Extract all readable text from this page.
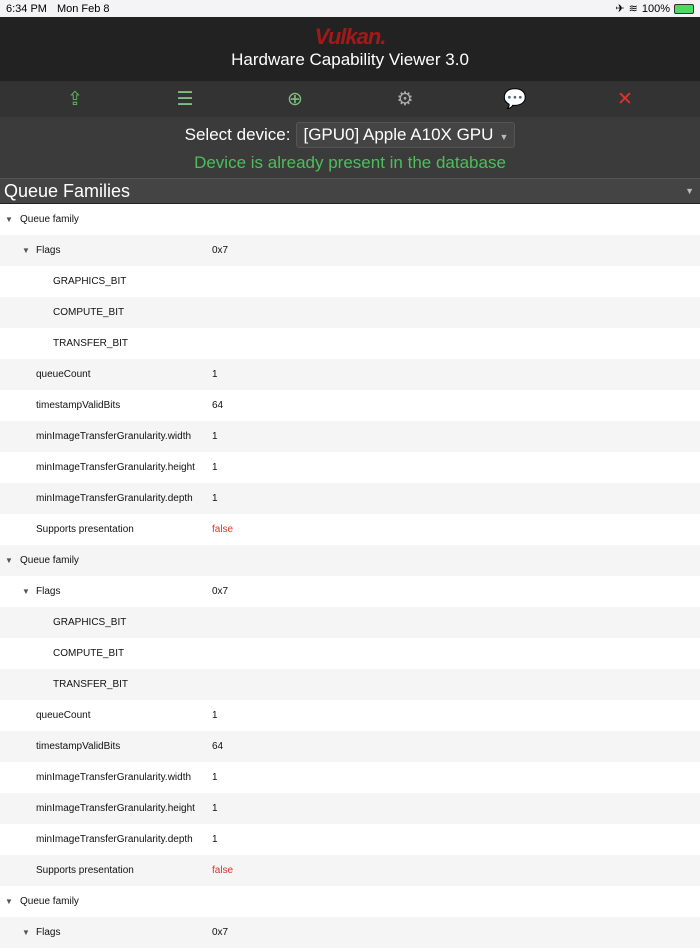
6:34 PM Mon Feb 8	✈ ≋ 100%
Vulkan.
Hardware Capability Viewer 3.0
⇪	☰	⊕	⚙	💬	✕
Select device: [GPU0] Apple A10X GPU ▼
Device is already present in the database
Queue Families	▼
▼ Queue family
▼ Flags	0x7
GRAPHICS_BIT
COMPUTE_BIT
TRANSFER_BIT
queueCount	1
timestampValidBits	64
minImageTransferGranularity.width 1
minImageTransferGranularity.height 1
minImageTransferGranularity.depth 1
Supports presentation	false
▼ Queue family
▼ Flags	0x7
GRAPHICS_BIT
COMPUTE_BIT
TRANSFER_BIT
queueCount	1
timestampValidBits	64
minImageTransferGranularity.width 1
minImageTransferGranularity.height 1
minImageTransferGranularity.depth 1
Supports presentation	false
▼ Queue family
▼ Flags	0x7
